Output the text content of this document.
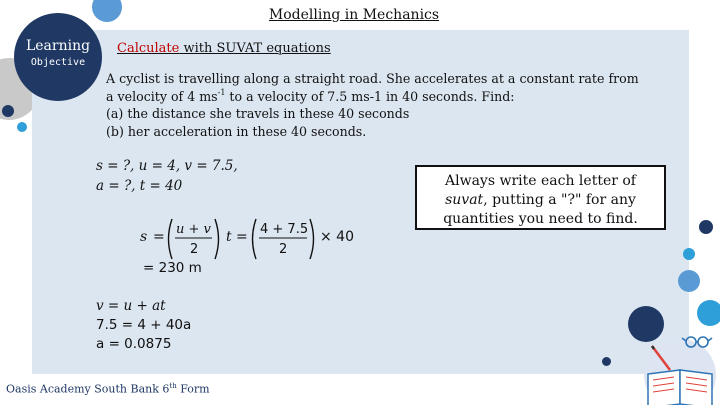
Modelling in Mechanics
Learning
Objective
Calculate with SUVAT equations

A cyclist is travelling along a straight road. She accelerates at a constant rate from

a velocity of 4 $ms^{-1}$ to a velocity of 7.5 ms-1 in 40 seconds. Find:

(a) the distance she travels in these 40 seconds

(b) her acceleration in these 40 seconds.

s = ?, u = 4, v = 7.5,
a = ?, t = 40
s = u + v
2
t = 4 + 7.5
2
× 40
= 230 m
v = u + at
7.5 = 4 + 40a
a = 0.0875
Always write each letter of
suvat, putting a "?" for any
quantities you need to find.
Oasis Academy South Bank 6th Form
